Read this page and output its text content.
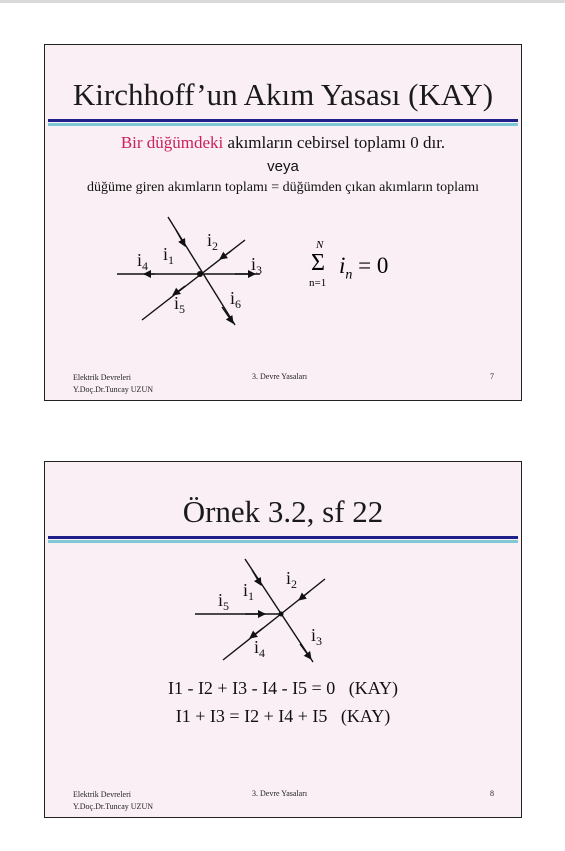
Kirchhoff’un Akım Yasası (KAY)
Bir düğümdeki akımların cebirsel toplamı 0 dır.
veya
düğüme giren akımların toplamı = düğümden çıkan akımların toplamı
$i_4$
$i_1$
$i_2$
$i_3$
$i_5$
$i_6$
N
Σ
n=1
$i_n = 0$
Elektrik Devreleri
Y.Doç.Dr.Tuncay UZUN
3. Devre Yasaları	7
Örnek 3.2, sf 22
$i_5$
$i_1$
$i_2$
$i_4$
$i_3$
I1 - I2 + I3 - I4 - I5 = 0   (KAY)
I1 + I3 = I2 + I4 + I5   (KAY)
Elektrik Devreleri
Y.Doç.Dr.Tuncay UZUN
3. Devre Yasaları	8
